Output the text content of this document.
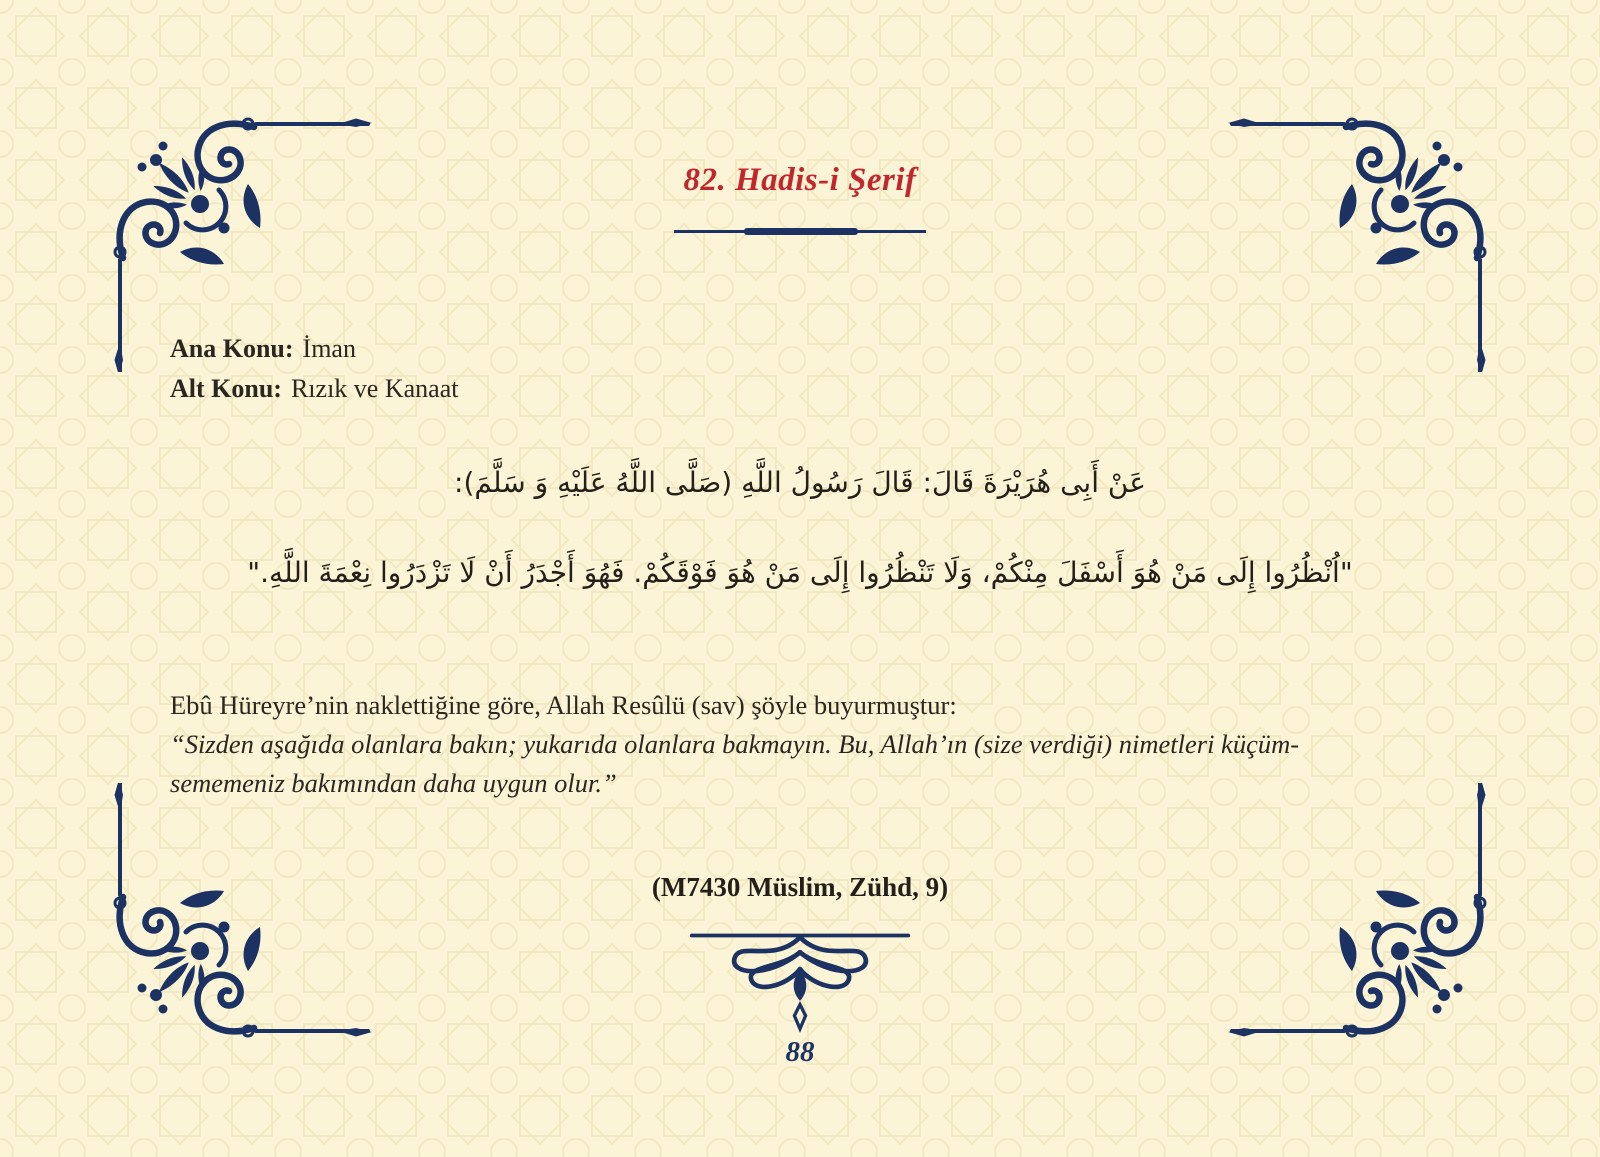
82. Hadis-i Şerif
Ana Konu: İman
Alt Konu: Rızık ve Kanaat
عَنْ أَبِى هُرَيْرَةَ قَالَ: قَالَ رَسُولُ اللَّهِ (صَلَّى اللَّهُ عَلَيْهِ وَ سَلَّمَ):
"اُنْظُرُوا إِلَى مَنْ هُوَ أَسْفَلَ مِنْكُمْ، وَلَا تَنْظُرُوا إِلَى مَنْ هُوَ فَوْقَكُمْ. فَهُوَ أَجْدَرُ أَنْ لَا تَزْدَرُوا نِعْمَةَ اللَّهِ."
Ebû Hüreyre’nin naklettiğine göre, Allah Resûlü (sav) şöyle buyurmuştur:
“Sizden aşağıda olanlara bakın; yukarıda olanlara bakmayın. Bu, Allah’ın (size verdiği) nimetleri küçüm-
sememeniz bakımından daha uygun olur.”
(M7430 Müslim, Zühd, 9)
88
